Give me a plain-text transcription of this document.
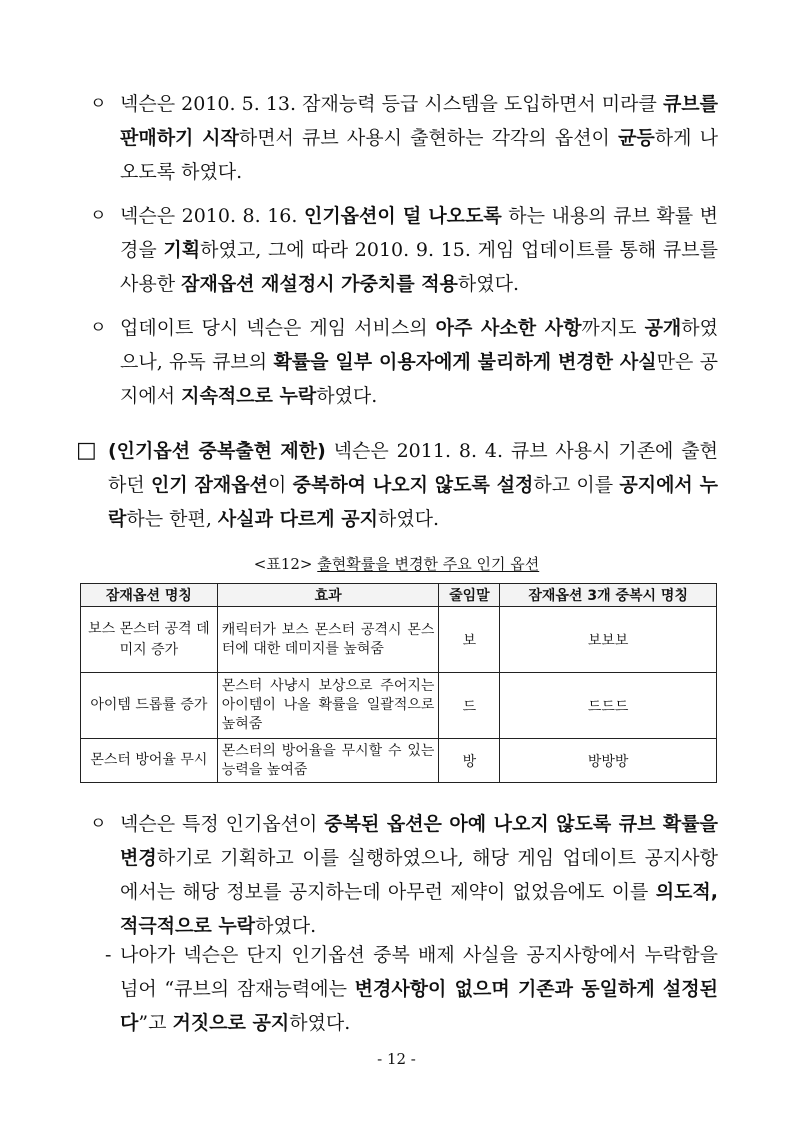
ㅇ 넥슨은 2010. 5. 13. 잠재능력 등급 시스템을 도입하면서 미라클 큐브를 판매하기 시작하면서 큐브 사용시 출현하는 각각의 옵션이 균등하게 나오도록 하였다.
ㅇ 넥슨은 2010. 8. 16. 인기옵션이 덜 나오도록 하는 내용의 큐브 확률 변경을 기획하였고, 그에 따라 2010. 9. 15. 게임 업데이트를 통해 큐브를 사용한 잠재옵션 재설정시 가중치를 적용하였다.
ㅇ 업데이트 당시 넥슨은 게임 서비스의 아주 사소한 사항까지도 공개하였으나, 유독 큐브의 확률을 일부 이용자에게 불리하게 변경한 사실만은 공지에서 지속적으로 누락하였다.
□ (인기옵션 중복출현 제한) 넥슨은 2011. 8. 4. 큐브 사용시 기존에 출현하던 인기 잠재옵션이 중복하여 나오지 않도록 설정하고 이를 공지에서 누락하는 한편, 사실과 다르게 공지하였다.
<표12> 출현확률을 변경한 주요 인기 옵션
잠재옵션 명칭	효과	줄임말	잠재옵션 3개 중복시 명칭
보스 몬스터 공격 데미지 증가	캐릭터가 보스 몬스터 공격시 몬스터에 대한 데미지를 높혀줌	보	보보보
아이템 드롭률 증가	몬스터 사냥시 보상으로 주어지는 아이템이 나올 확률을 일괄적으로 높혀줌	드	드드드
몬스터 방어율 무시	몬스터의 방어율을 무시할 수 있는 능력을 높여줌	방	방방방
ㅇ 넥슨은 특정 인기옵션이 중복된 옵션은 아예 나오지 않도록 큐브 확률을 변경하기로 기획하고 이를 실행하였으나, 해당 게임 업데이트 공지사항에서는 해당 정보를 공지하는데 아무런 제약이 없었음에도 이를 의도적, 적극적으로 누락하였다.
- 나아가 넥슨은 단지 인기옵션 중복 배제 사실을 공지사항에서 누락함을 넘어 “큐브의 잠재능력에는 변경사항이 없으며 기존과 동일하게 설정된다”고 거짓으로 공지하였다.
- 12 -
